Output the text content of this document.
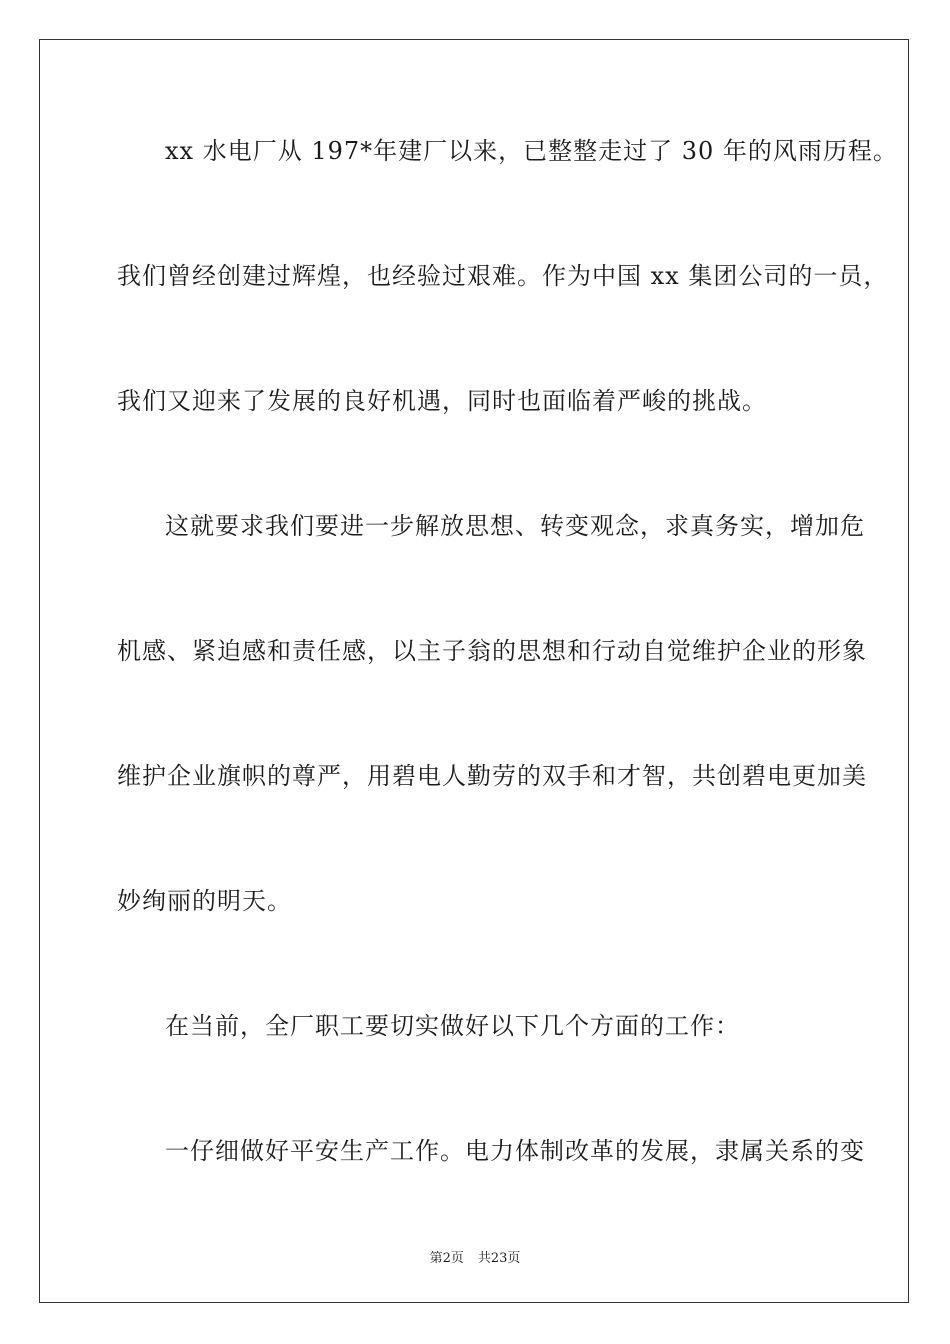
xx 水电厂从 197*年建厂以来，已整整走过了 30 年的风雨历程。
我们曾经创建过辉煌，也经验过艰难。作为中国 xx 集团公司的一员，
我们又迎来了发展的良好机遇，同时也面临着严峻的挑战。
这就要求我们要进一步解放思想、转变观念，求真务实，增加危
机感、紧迫感和责任感，以主子翁的思想和行动自觉维护企业的形象
维护企业旗帜的尊严，用碧电人勤劳的双手和才智，共创碧电更加美
妙绚丽的明天。
在当前，全厂职工要切实做好以下几个方面的工作：
一仔细做好平安生产工作。电力体制改革的发展，隶属关系的变
第2页 共23页
